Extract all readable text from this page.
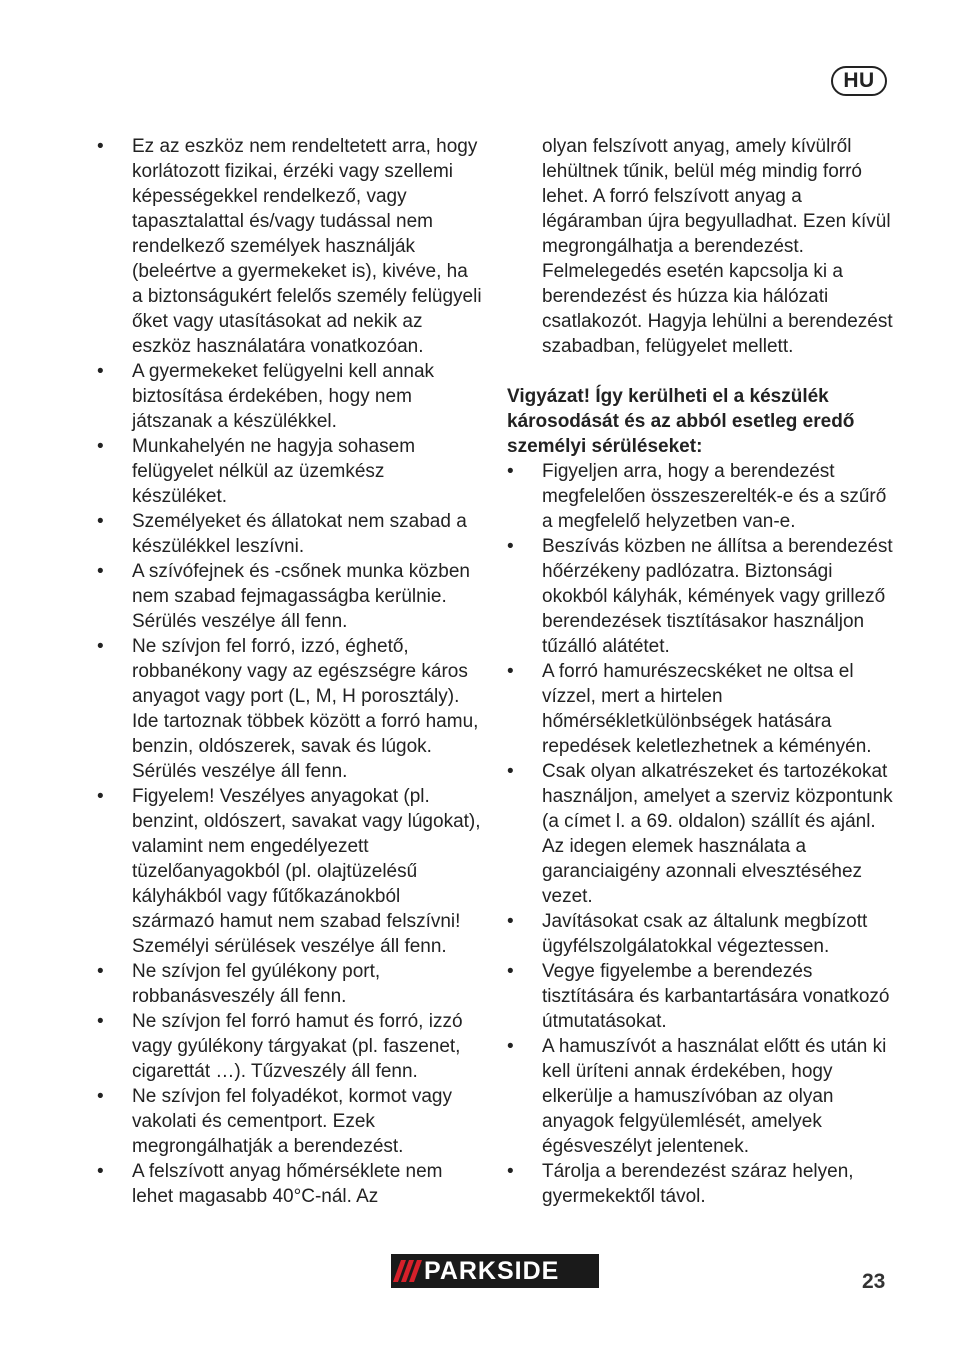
HU
• Ez az eszköz nem rendeltetett arra, hogy korlátozott fizikai, érzéki vagy szellemi képességekkel rendelkező, vagy tapasztalattal és/vagy tudással nem rendelkező személyek használják (beleértve a gyermekeket is), kivéve, ha a biztonságukért felelős személy felügyeli őket vagy utasításokat ad nekik az eszköz használatára vonatkozóan.
• A gyermekeket felügyelni kell annak biztosítása érdekében, hogy nem játszanak a készülékkel.
• Munkahelyén ne hagyja sohasem felügyelet nélkül az üzemkész készüléket.
• Személyeket és állatokat nem szabad a készülékkel leszívni.
• A szívófejnek és -csőnek munka közben nem szabad fejmagasságba kerülnie. Sérülés veszélye áll fenn.
• Ne szívjon fel forró, izzó, éghető, robbanékony vagy az egészségre káros anyagot vagy port (L, M, H porosztály). Ide tartoznak többek között a forró hamu, benzin, oldószerek, savak és lúgok. Sérülés veszélye áll fenn.
• Figyelem! Veszélyes anyagokat (pl. benzint, oldószert, savakat vagy lúgokat), valamint nem engedélyezett tüzelőanyagokból (pl. olajtüzelésű kályhákból vagy fűtőkazánokból származó hamut nem szabad felszívni! Személyi sérülések veszélye áll fenn.
• Ne szívjon fel gyúlékony port, robbanásveszély áll fenn.
• Ne szívjon fel forró hamut és forró, izzó vagy gyúlékony tárgyakat (pl. faszenet, cigarettát …). Tűzveszély áll fenn.
• Ne szívjon fel folyadékot, kormot vagy vakolati és cementport. Ezek megrongálhatják a berendezést.
• A felszívott anyag hőmérséklete nem lehet magasabb 40°C-nál. Az

olyan felszívott anyag, amely kívülről lehültnek tűnik, belül még mindig forró lehet. A forró felszívott anyag a légáramban újra begyulladhat. Ezen kívül megrongálhatja a berendezést. Felmelegedés esetén kapcsolja ki a berendezést és húzza kia hálózati csatlakozót. Hagyja lehülni a berendezést szabadban, felügyelet mellett.

Vigyázat! Így kerülheti el a készülék károsodását és az abból esetleg eredő személyi sérüléseket:

• Figyeljen arra, hogy a berendezést megfelelően összeszerelték-e és a szűrő a megfelelő helyzetben van-e.
• Beszívás közben ne állítsa a berendezést hőérzékeny padlózatra. Biztonsági okokból kályhák, kémények vagy grillező berendezések tisztításakor használjon tűzálló alátétet.
• A forró hamurészecskéket ne oltsa el vízzel, mert a hirtelen hőmérsékletkülönbségek hatására repedések keletlezhetnek a kéményén.
• Csak olyan alkatrészeket és tartozékokat használjon, amelyet a szerviz központunk (a címet l. a 69. oldalon) szállít és ajánl. Az idegen elemek használata a garanciaigény azonnali elvesztéséhez vezet.
• Javításokat csak az általunk megbízott ügyfélszolgálatokkal végeztessen.
• Vegye figyelembe a berendezés tisztítására és karbantartására vonatkozó útmutatásokat.
• A hamuszívót a használat előtt és után ki kell üríteni annak érdekében, hogy elkerülje a hamuszívóban az olyan anyagok felgyülemlését, amelyek égésveszélyt jelentenek.
• Tárolja a berendezést száraz helyen, gyermekektől távol.
PARKSIDE	23
